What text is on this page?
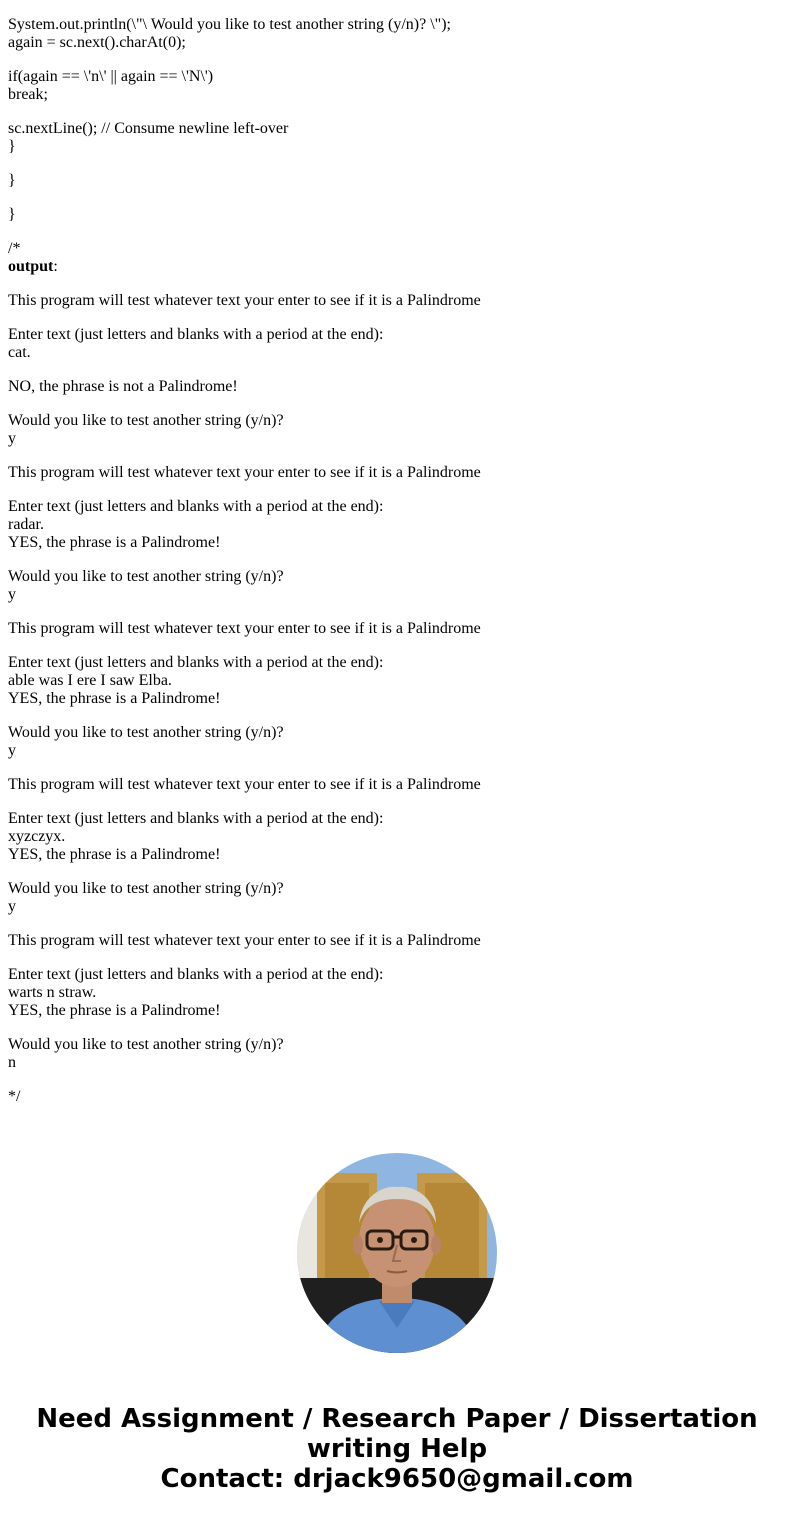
System.out.println(\"\ Would you like to test another string (y/n)? \");
again = sc.next().charAt(0);
if(again == \'n\' || again == \'N\')
break;
sc.nextLine(); // Consume newline left-over
}
}
}
/*
output:
This program will test whatever text your enter to see if it is a Palindrome
Enter text (just letters and blanks with a period at the end):
cat.
NO, the phrase is not a Palindrome!
Would you like to test another string (y/n)?
y
This program will test whatever text your enter to see if it is a Palindrome
Enter text (just letters and blanks with a period at the end):
radar.
YES, the phrase is a Palindrome!
Would you like to test another string (y/n)?
y
This program will test whatever text your enter to see if it is a Palindrome
Enter text (just letters and blanks with a period at the end):
able was I ere I saw Elba.
YES, the phrase is a Palindrome!
Would you like to test another string (y/n)?
y
This program will test whatever text your enter to see if it is a Palindrome
Enter text (just letters and blanks with a period at the end):
xyzczyx.
YES, the phrase is a Palindrome!
Would you like to test another string (y/n)?
y
This program will test whatever text your enter to see if it is a Palindrome
Enter text (just letters and blanks with a period at the end):
warts n straw.
YES, the phrase is a Palindrome!
Would you like to test another string (y/n)?
n
*/
Need Assignment / Research Paper / Dissertation
writing Help
Contact: drjack9650@gmail.com
